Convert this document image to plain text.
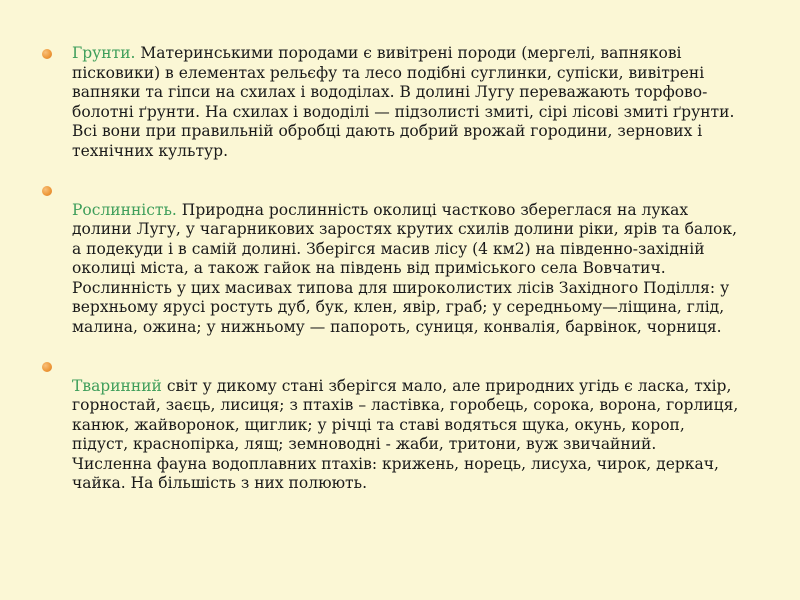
Грунти. Материнськими породами є вивітрені породи (мергелі, вапнякові пісковики) в елементах рельєфу та лесо подібні суглинки, супіски, вивітрені вапняки та гіпси на схилах і вододілах. В долині Лугу переважають торфово-болотні ґрунти. На схилах і вододілі — підзолисті змиті, сірі лісові змиті ґрунти. Всі вони при правильній обробці дають добрий врожай городини, зернових і технічних культур.
Рослинність. Природна рослинність околиці частково збереглася на луках долини Лугу, у чагарникових заростях крутих схилів долини ріки, ярів та балок, а подекуди і в самій долині. Зберігся масив лісу (4 км2) на південно-західній околиці міста, а також гайок на південь від приміського села Вовчатич. Рослинність у цих масивах типова для широколистих лісів Західного Поділля: у верхньому ярусі ростуть дуб, бук, клен, явір, граб; у середньому—ліщина, глід, малина, ожина; у нижньому — папороть, суниця, конвалія, барвінок, чорниця.
Тваринний світ у дикому стані зберігся мало, але природних угідь є ласка, тхір, горностай, заєць, лисиця; з птахів – ластівка, горобець, сорока, ворона, горлиця, канюк, жайворонок, щиглик; у річці та ставі водяться щука, окунь, короп, підуст, краснопірка, лящ; земноводні - жаби, тритони, вуж звичайний. Численна фауна водоплавних птахів: крижень, норець, лисуха, чирок, деркач, чайка. На більшість з них полюють.
